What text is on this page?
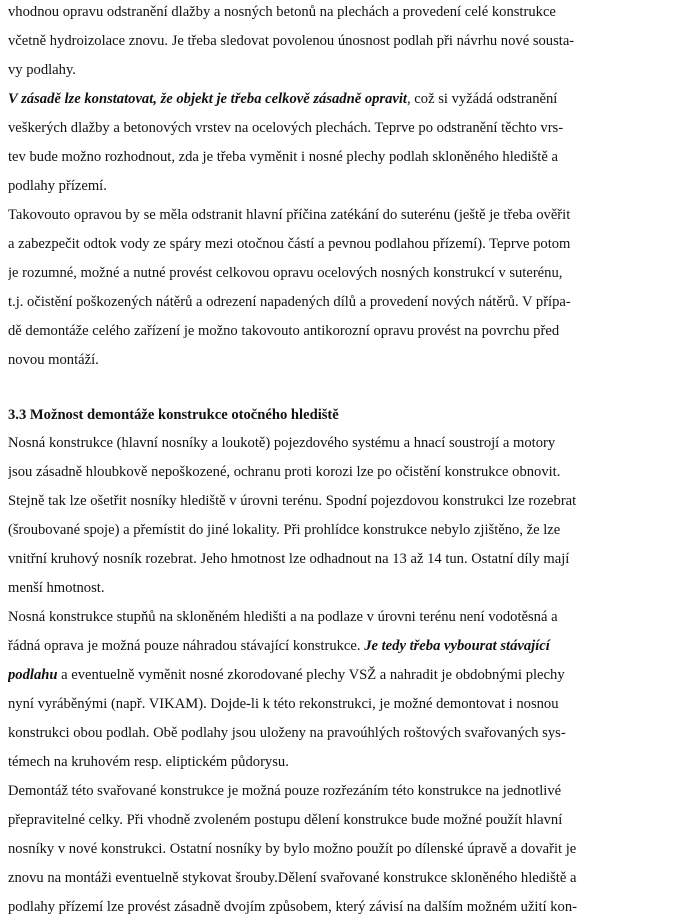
vhodnou opravu odstranění dlažby a nosných betonů na plechách a provedení celé konstrukce
včetně hydroizolace znovu. Je třeba sledovat povolenou únosnost podlah při návrhu nové sousta-
vy podlahy.
V zásadě lze konstatovat, že objekt je třeba celkově zásadně opravit, což si vyžádá odstranění
veškerých dlažby a betonových vrstev na ocelových plechách. Teprve po odstranění těchto vrs-
tev bude možno rozhodnout, zda je třeba vyměnit i nosné plechy podlah skloněného hlediště a
podlahy přízemí.
Takovouto opravou by se měla odstranit hlavní příčina zatékání do suterénu (ještě je třeba ověřit
a zabezpečit odtok vody ze spáry mezi otočnou částí a pevnou podlahou přízemí). Teprve potom
je rozumné, možné a nutné provést celkovou opravu ocelových nosných konstrukcí v suterénu,
t.j. očistění poškozených nátěrů a odrezení napadených dílů a provedení nových nátěrů. V přípa-
dě demontáže celého zařízení je možno takovouto antikorozní opravu provést na povrchu před
novou montáží.
3.3 Možnost demontáže konstrukce otočného hlediště
Nosná konstrukce (hlavní nosníky a loukotě) pojezdového systému a hnací soustrojí a motory
jsou zásadně hloubkově nepoškozené, ochranu proti korozi lze po očistění konstrukce obnovit.
Stejně tak lze ošetřit nosníky hlediště v úrovni terénu. Spodní pojezdovou konstrukci lze rozebrat
(šroubované spoje) a přemístit do jiné lokality. Při prohlídce konstrukce nebylo zjištěno, že lze
vnitřní kruhový nosník rozebrat. Jeho hmotnost lze odhadnout na 13 až 14 tun. Ostatní díly mají
menší hmotnost.
Nosná konstrukce stupňů na skloněném hledišti a na podlaze v úrovni terénu není vodotěsná a
řádná oprava je možná pouze náhradou stávající konstrukce. Je tedy třeba vybourat stávající
podlahu a eventuelně vyměnit nosné zkorodované plechy VSŽ a nahradit je obdobnými plechy
nyní vyráběnými (např. VIKAM). Dojde-li k této rekonstrukci, je možné demontovat i nosnou
konstrukci obou podlah. Obě podlahy jsou uloženy na pravoúhlých roštových svařovaných sys-
témech na kruhovém resp. eliptickém půdorysu.
Demontáž této svařované konstrukce je možná pouze rozřezáním této konstrukce na jednotlivé
přepravitelné celky. Při vhodně zvoleném postupu dělení konstrukce bude možné použít hlavní
nosníky v nové konstrukci. Ostatní nosníky by bylo možno použít po dílenské úpravě a dovařit je
znovu na montáži eventuelně stykovat šrouby.Dělení svařované konstrukce skloněného hlediště a
podlahy přízemí lze provést zásadně dvojím způsobem, který závisí na dalším možném užití kon-
